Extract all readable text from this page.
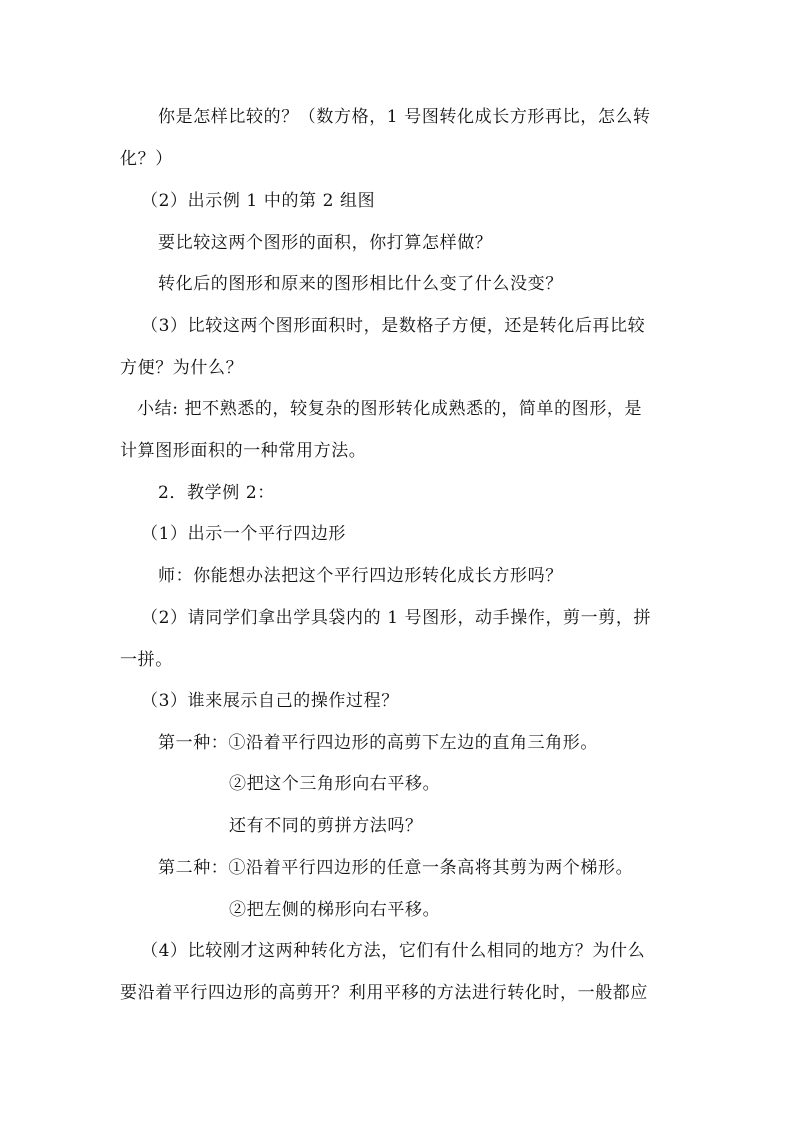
你是怎样比较的？（数方格，1 号图转化成长方形再比，怎么转
化？）
（2）出示例 1 中的第 2 组图
要比较这两个图形的面积，你打算怎样做？
转化后的图形和原来的图形相比什么变了什么没变？
（3）比较这两个图形面积时，是数格子方便，还是转化后再比较
方便？为什么？
小结: 把不熟悉的，较复杂的图形转化成熟悉的，简单的图形，是
计算图形面积的一种常用方法。
2．教学例 2：
（1）出示一个平行四边形
师：你能想办法把这个平行四边形转化成长方形吗？
（2）请同学们拿出学具袋内的 1 号图形，动手操作，剪一剪，拼
一拼。
（3）谁来展示自己的操作过程？
第一种：①沿着平行四边形的高剪下左边的直角三角形。
②把这个三角形向右平移。
还有不同的剪拼方法吗？
第二种：①沿着平行四边形的任意一条高将其剪为两个梯形。
②把左侧的梯形向右平移。
（4）比较刚才这两种转化方法，它们有什么相同的地方？为什么
要沿着平行四边形的高剪开？利用平移的方法进行转化时，一般都应
